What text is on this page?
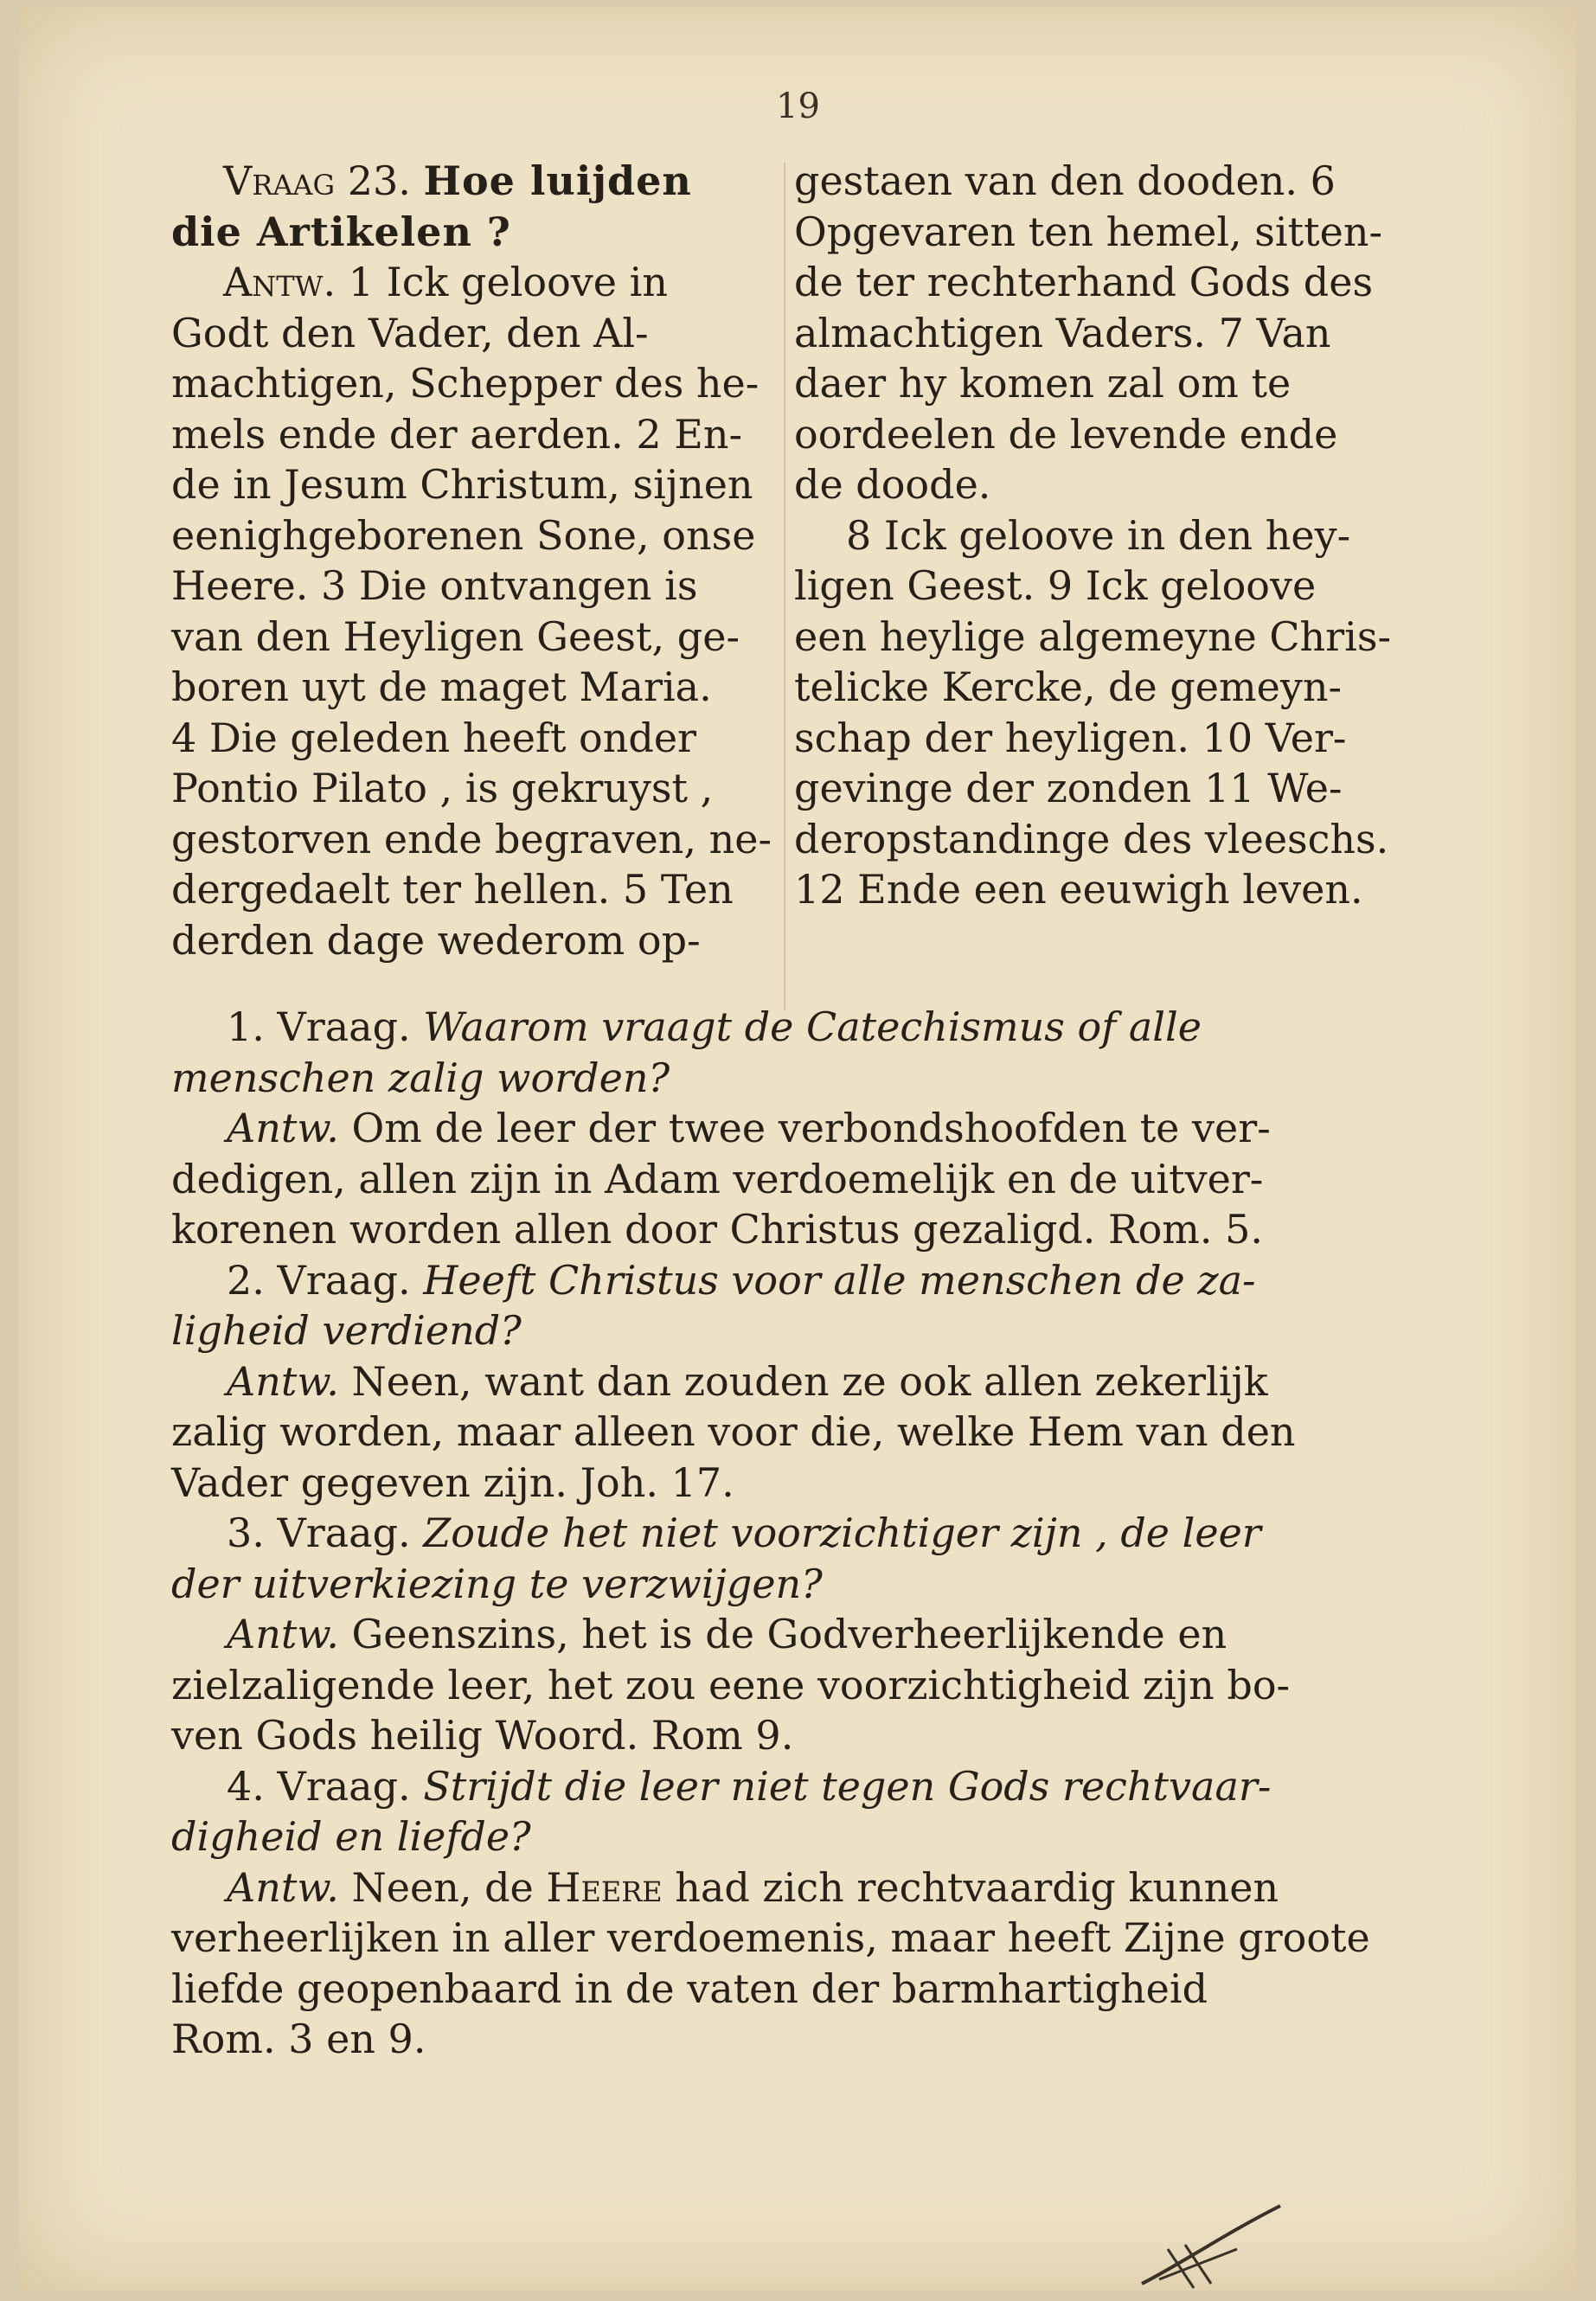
19
Vraag 23. Hoe luijden
die Artikelen ?
Antw. 1 Ick geloove in
Godt den Vader, den Al-
machtigen, Schepper des he-
mels ende der aerden. 2 En-
de in Jesum Christum, sijnen
eenighgeborenen Sone, onse
Heere. 3 Die ontvangen is
van den Heyligen Geest, ge-
boren uyt de maget Maria.
4 Die geleden heeft onder
Pontio Pilato , is gekruyst ,
gestorven ende begraven, ne-
dergedaelt ter hellen. 5 Ten
derden dage wederom op-
gestaen van den dooden. 6
Opgevaren ten hemel, sitten-
de ter rechterhand Gods des
almachtigen Vaders. 7 Van
daer hy komen zal om te
oordeelen de levende ende
de doode.
8 Ick geloove in den hey-
ligen Geest. 9 Ick geloove
een heylige algemeyne Chris-
telicke Kercke, de gemeyn-
schap der heyligen. 10 Ver-
gevinge der zonden 11 We-
deropstandinge des vleeschs.
12 Ende een eeuwigh leven.
1. Vraag. Waarom vraagt de Catechismus of alle
menschen zalig worden?
Antw. Om de leer der twee verbondshoofden te ver-
dedigen, allen zijn in Adam verdoemelijk en de uitver-
korenen worden allen door Christus gezaligd. Rom. 5.
2. Vraag. Heeft Christus voor alle menschen de za-
ligheid verdiend?
Antw. Neen, want dan zouden ze ook allen zekerlijk
zalig worden, maar alleen voor die, welke Hem van den
Vader gegeven zijn. Joh. 17.
3. Vraag. Zoude het niet voorzichtiger zijn , de leer
der uitverkiezing te verzwijgen?
Antw. Geenszins, het is de Godverheerlijkende en
zielzaligende leer, het zou eene voorzichtigheid zijn bo-
ven Gods heilig Woord. Rom 9.
4. Vraag. Strijdt die leer niet tegen Gods rechtvaar-
digheid en liefde?
Antw. Neen, de Heere had zich rechtvaardig kunnen
verheerlijken in aller verdoemenis, maar heeft Zijne groote
liefde geopenbaard in de vaten der barmhartigheid
Rom. 3 en 9.
